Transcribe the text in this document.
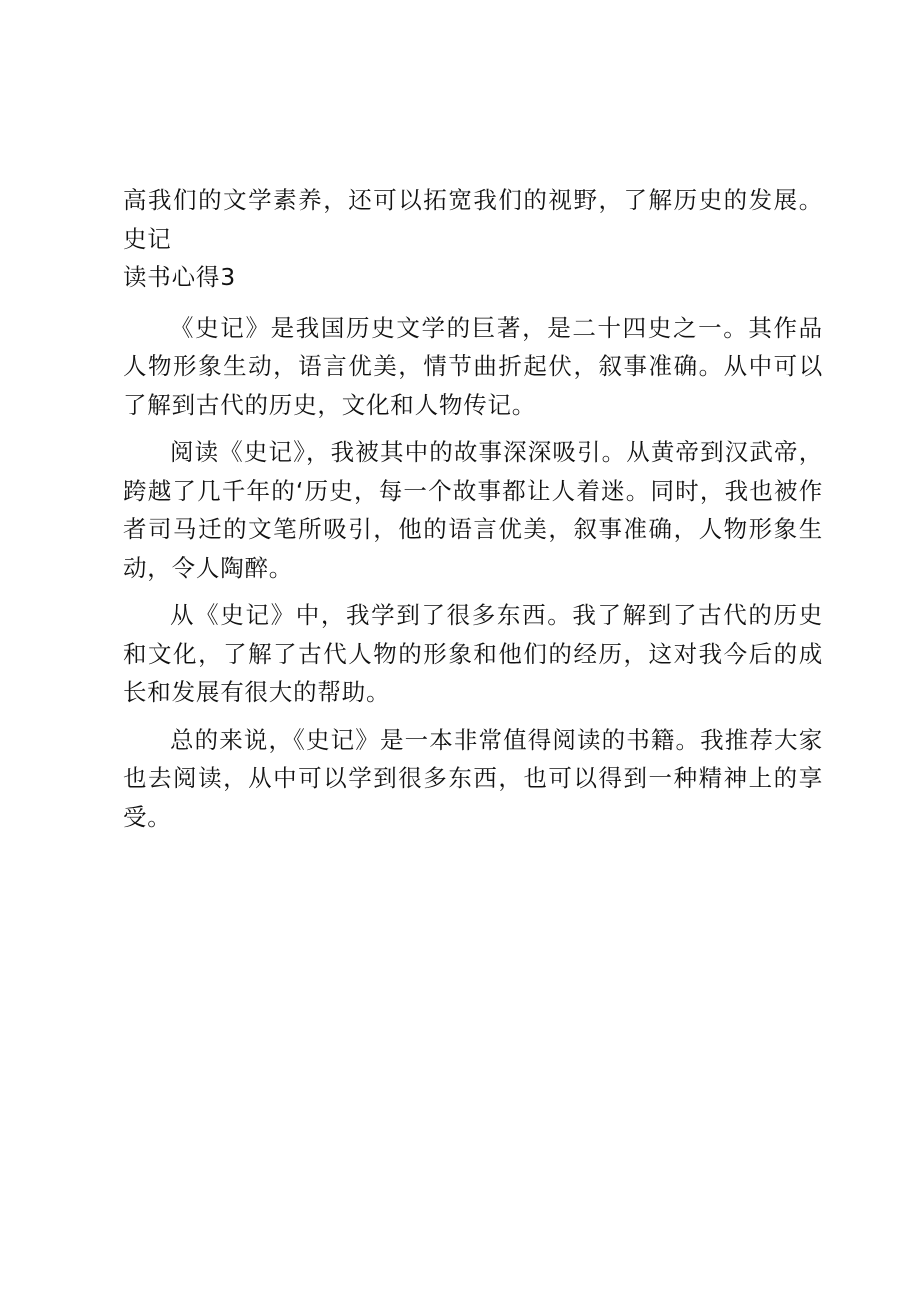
高我们的文学素养，还可以拓宽我们的视野，了解历史的发展。史记
读书心得3

《史记》是我国历史文学的巨著，是二十四史之一。其作品人物形象生动，语言优美，情节曲折起伏，叙事准确。从中可以了解到古代的历史，文化和人物传记。

阅读《史记》，我被其中的故事深深吸引。从黄帝到汉武帝，跨越了几千年的‘历史，每一个故事都让人着迷。同时，我也被作者司马迁的文笔所吸引，他的语言优美，叙事准确，人物形象生动，令人陶醉。

从《史记》中，我学到了很多东西。我了解到了古代的历史和文化，了解了古代人物的形象和他们的经历，这对我今后的成长和发展有很大的帮助。

总的来说，《史记》是一本非常值得阅读的书籍。我推荐大家也去阅读，从中可以学到很多东西，也可以得到一种精神上的享受。
